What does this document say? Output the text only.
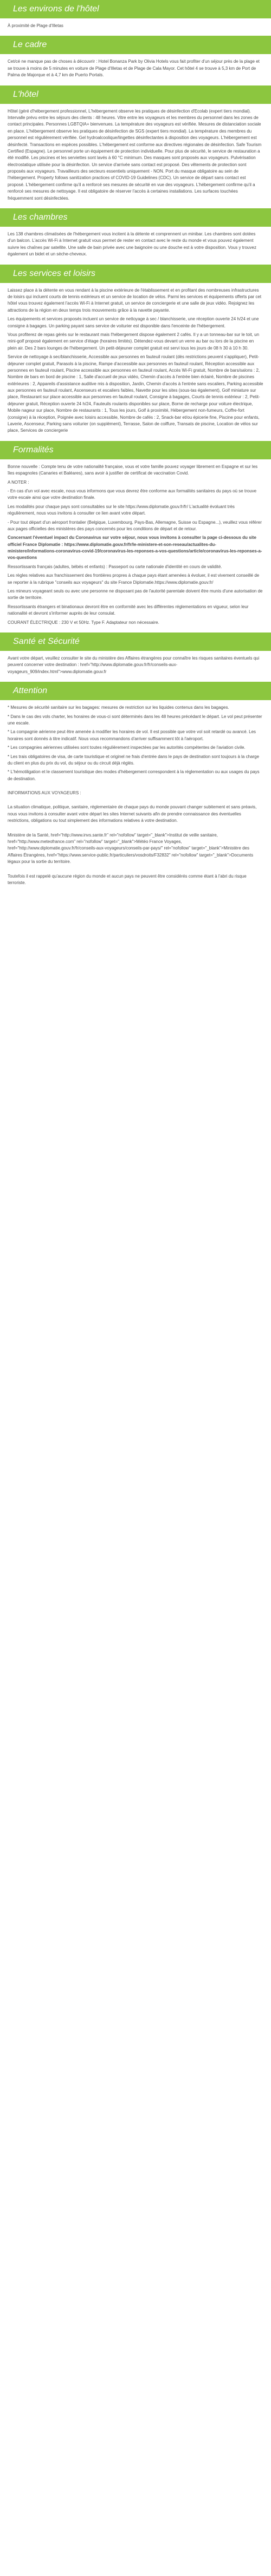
Les environs de l'hôtel

À proximité de Plage d'Illetas

Le cadre

Cet/cé ne manque pas de choses à découvrir : Hotel Bonanza Park by Olivia Hotels vous fait profiter d'un séjour près de la plage et se trouve à moins de 5 minutes en voiture de Plage d'Illetas et de Plage de Cala Mayor. Cet hôtel 4 se trouve à 5,3 km de Port de Palma de Majorque et à 4,7 km de Puerto Portals.

L'hôtel

Hôtel (géré d'hébergement professionnel, L'hébergement observe les pratiques de désinfection d'Ecolab (expert tiers mondial). Intervalle prévu entre les séjours des clients : 48 heures. Vitre entre les voyageurs et les membres du personnel dans les zones de contact principales. Personnes LGBTQIA+ bienvenues. La température des voyageurs est vérifiée. Mesures de distanciation sociale en place. L'hébergement observe les pratiques de désinfection de SGS (expert tiers mondial). La température des membres du personnel est régulièrement vérifiée. Gel hydroalcoolique/lingettes désinfectantes à disposition des voyageurs. L'hébergement est désinfecté. Transactions en espèces possibles. L'hébergement est conforme aux directives régionales de désinfection. Safe Tourism Certified (Espagne). Le personnel porte un équipement de protection individuelle. Pour plus de sécurité, le service de restauration a été modifié. Les piscines et les serviettes sont lavés à 60 °C minimum. Des masques sont proposés aux voyageurs. Pulvérisation électrostatique utilisée pour la désinfection. Un service d'arrivée sans contact est proposé. Des vêtements de protection sont proposés aux voyageurs. Travailleurs des secteurs essentiels uniquement - NON. Port du masque obligatoire au sein de l'hébergement. Property follows sanitization practices of COVID-19 Guidelines (CDC). Un service de départ sans contact est proposé. L'hébergement confirme qu'il a renforcé ses mesures de sécurité en vue des voyageurs. L'hébergement confirme qu'il a renforcé ses mesures de nettoyage. Il est obligatoire de réserver l'accès à certaines installations. Les surfaces touchées fréquemment sont désinfectées.

Les chambres

Les 138 chambres climatisées de l'hébergement vous incitent à la détente et comprennent un minibar. Les chambres sont dotées d'un balcon. L'accès Wi-Fi à Internet gratuit vous permet de rester en contact avec le reste du monde et vous pouvez également suivre les chaînes par satellite. Une salle de bain privée avec une baignoire ou une douche est à votre disposition. Vous y trouvez également un bidet et un sèche-cheveux.

Les services et loisirs

Laissez place à la détente en vous rendant à la piscine extérieure de l'établissement et en profitant des nombreuses infrastructures de loisirs qui incluent courts de tennis extérieurs et un service de location de vélos. Parmi les services et équipements offerts par cet hôtel vous trouvez également l'accès Wi-Fi à Internet gratuit, un service de conciergerie et une salle de jeux vidéo. Rejoignez les attractions de la région en deux temps trois mouvements grâce à la navette payante.

Les équipements et services proposés incluent un service de nettoyage à sec / blanchisserie, une réception ouverte 24 h/24 et une consigne à bagages. Un parking payant sans service de voiturier est disponible dans l'enceinte de l'hébergement.

Vous profiterez de repas gérés sur le restaurant mais l'hébergement dispose également 2 cafés. Il y a un tonneau-bar sur le toit, un mini-golf proposé également en service d'étage (horaires limités). Détendez-vous devant un verre au bar ou lors de la piscine en plein air. Des 2 bars lounges de l'hébergement. Un petit-déjeuner complet gratuit est servi tous les jours de 08 h 30 à 10 h 30.

Service de nettoyage à sec/blanchisserie, Accessible aux personnes en fauteuil roulant (dès restrictions peuvent s'appliquer), Petit-déjeuner complet gratuit, Parasols à la piscine, Rampe d'accessible aux personnes en fauteuil roulant, Réception accessible aux personnes en fauteuil roulant, Piscine accessible aux personnes en fauteuil roulant, Accès Wi-Fi gratuit, Nombre de bars/salons : 2, Nombre de bars en bord de piscine : 1, Salle d'accueil de jeux vidéo, Chemin d'accès à l'entrée bien éclairé, Nombre de piscines extérieures : 2, Appareils d'assistance auditive mis à disposition, Jardin, Chemin d'accès à l'entrée sans escaliers, Parking accessible aux personnes en fauteuil roulant, Ascenseurs et escaliers faibles, Navette pour les sites (sous-tas également), Golf miniature sur place, Restaurant sur place accessible aux personnes en fauteuil roulant, Consigne à bagages, Courts de tennis extérieur : 2, Petit-déjeuner gratuit, Réception ouverte 24 h/24, Fauteuils roulants disponibles sur place, Borne de recharge pour voiture électrique, Mobile nageur sur place, Nombre de restaurants : 1, Tous les jours, Golf à proximité, Hébergement non-fumeurs, Coffre-fort (consigne) à la réception, Poignée avec loisirs accessible, Nombre de cafés : 2, Snack-bar et/ou épicerie fine, Piscine pour enfants, Laverie, Ascenseur, Parking sans voiturier (on supplément), Terrasse, Salon de coiffure, Transats de piscine, Location de vélos sur place, Services de conciergerie

Formalités

Bonne nouvelle : Compte tenu de votre nationalité française, vous et votre famille pouvez voyager librement en Espagne et sur les îles espagnoles (Canaries et Baléares), sans avoir à justifier de certificat de vaccination Covid.

A NOTER :

- En cas d'un vol avec escale, nous vous informons que vous devrez être conforme aux formalités sanitaires du pays où se trouve votre escale ainsi que votre destination finale.

Les modalités pour chaque pays sont consultables sur le site https://www.diplomatie.gouv.fr/fr/ L'actualité évoluant très régulièrement, nous vous invitons à consulter ce lien avant votre départ.

- Pour tout départ d'un aéroport frontalier (Belgique, Luxembourg, Pays-Bas, Allemagne, Suisse ou Espagne...), veuillez vous référer aux pages officielles des ministères des pays concernés pour les conditions de départ et de retour.

Concernant l'éventuel impact du Coronavirus sur votre séjour, nous vous invitons à consulter la page ci-dessous du site officiel France Diplomatie : https://www.diplomatie.gouv.fr/fr/le-ministere-et-son-reseau/actualites-du-ministere/informations-coronavirus-covid-19/coronavirus-les-reponses-a-vos-questions/article/coronavirus-les-reponses-a-vos-questions

Ressortissants français (adultes, bébés et enfants) : Passeport ou carte nationale d'identité en cours de validité.

Les règles relatives aux franchissement des frontières propres à chaque pays étant amenées à évoluer, il est vivement conseillé de se reporter à la rubrique "conseils aux voyageurs" du site France Diplomatie.https://www.diplomatie.gouv.fr/

Les mineurs voyageant seuls ou avec une personne ne disposant pas de l'autorité parentale doivent être munis d'une autorisation de sortie de territoire.

Ressortissants étrangers et binationaux devront être en conformité avec les différentes réglementations en vigueur, selon leur nationalité et devront s'informer auprès de leur consulat.

COURANT ÉLECTRIQUE : 230 V et 50Hz. Type F. Adaptateur non nécessaire.

Santé et Sécurité

Avant votre départ, veuillez consulter le site du ministère des Affaires étrangères pour connaître les risques sanitaires éventuels qui peuvent concerner votre destination : href="http://www.diplomatie.gouv.fr/fr/conseils-aux-voyageurs_909/index.html">www.diplomatie.gouv.fr

Attention

* Mesures de sécurité sanitaire sur les bagages: mesures de restriction sur les liquides contenus dans les bagages.

* Dans le cas des vols charter, les horaires de vous-ci sont déterminés dans les 48 heures précédant le départ. Le vol peut présenter une escale.

* La compagnie aérienne peut être amenée à modifier les horaires de vol. Il est possible que votre vol soit retardé ou avancé. Les horaires sont donnés à titre indicatif. Nous vous recommandons d'arriver suffisamment tôt à l'aéroport.

* Les compagnies aériennes utilisées sont toutes régulièrement inspectées par les autorités compétentes de l'aviation civile.

* Les trais obligatoires de visa, de carte touristique et originel ne frais d'entrée dans le pays de destination sont toujours à la charge du client en plus du prix du vol, du séjour ou du circuit déjà réglés.

* L'hémotiligation et le classement touristique des modes d'hébergement correspondent à la réglementation ou aux usages du pays de destination.

INFORMATIONS AUX VOYAGEURS :

La situation climatique, politique, sanitaire, réglementaire de chaque pays du monde pouvant changer subitement et sans préavis, nous vous invitons à consulter avant votre départ les sites Internet suivants afin de prendre connaissance des éventuelles restrictions, obligations ou tout simplement des informations relatives à votre destination.

Ministère de la Santé, href="http://www.invs.sante.fr" rel="nofollow" target="_blank">Institut de veille sanitaire, href="http://www.meteofrance.com" rel="nofollow" target="_blank">Météo France Voyages, href="http://www.diplomatie.gouv.fr/fr/conseils-aux-voyageurs/conseils-par-pays/" rel="nofollow" target="_blank">Ministère des Affaires Étrangères, href="https://www.service-public.fr/particuliers/vosdroits/F32832" rel="nofollow" target="_blank">Documents légaux pour la sortie du territoire.

Toutefois il est rappelé qu'aucune région du monde et aucun pays ne peuvent être considérés comme étant à l'abri du risque terroriste.
